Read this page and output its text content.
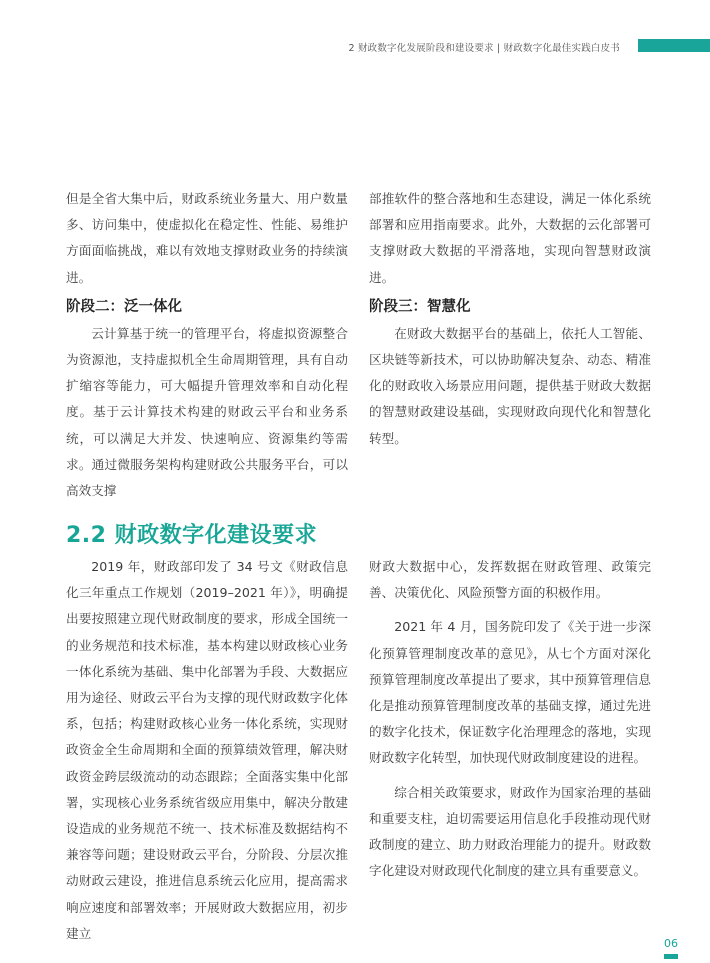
2 财政数字化发展阶段和建设要求 | 财政数字化最佳实践白皮书

但是全省大集中后，财政系统业务量大、用户数量多、访问集中，使虚拟化在稳定性、性能、易维护方面面临挑战，难以有效地支撑财政业务的持续演进。

阶段二：泛一体化

云计算基于统一的管理平台，将虚拟资源整合为资源池，支持虚拟机全生命周期管理，具有自动扩缩容等能力，可大幅提升管理效率和自动化程度。基于云计算技术构建的财政云平台和业务系统，可以满足大并发、快速响应、资源集约等需求。通过微服务架构构建财政公共服务平台，可以高效支撑

部推软件的整合落地和生态建设，满足一体化系统部署和应用指南要求。此外，大数据的云化部署可支撑财政大数据的平滑落地，实现向智慧财政演进。

阶段三：智慧化

在财政大数据平台的基础上，依托人工智能、区块链等新技术，可以协助解决复杂、动态、精准化的财政收入场景应用问题，提供基于财政大数据的智慧财政建设基础，实现财政向现代化和智慧化转型。

2.2 财政数字化建设要求

2019 年，财政部印发了 34 号文《财政信息化三年重点工作规划（2019–2021 年）》，明确提出要按照建立现代财政制度的要求，形成全国统一的业务规范和技术标准，基本构建以财政核心业务一体化系统为基础、集中化部署为手段、大数据应用为途径、财政云平台为支撑的现代财政数字化体系，包括；构建财政核心业务一体化系统，实现财政资金全生命周期和全面的预算绩效管理，解决财政资金跨层级流动的动态跟踪；全面落实集中化部署，实现核心业务系统省级应用集中，解决分散建设造成的业务规范不统一、技术标准及数据结构不兼容等问题；建设财政云平台，分阶段、分层次推动财政云建设，推进信息系统云化应用，提高需求响应速度和部署效率；开展财政大数据应用，初步建立

财政大数据中心，发挥数据在财政管理、政策完善、决策优化、风险预警方面的积极作用。

2021 年 4 月，国务院印发了《关于进一步深化预算管理制度改革的意见》，从七个方面对深化预算管理制度改革提出了要求，其中预算管理信息化是推动预算管理制度改革的基础支撑，通过先进的数字化技术，保证数字化治理理念的落地，实现财政数字化转型，加快现代财政制度建设的进程。

综合相关政策要求，财政作为国家治理的基础和重要支柱，迫切需要运用信息化手段推动现代财政制度的建立、助力财政治理能力的提升。财政数字化建设对财政现代化制度的建立具有重要意义。

06
